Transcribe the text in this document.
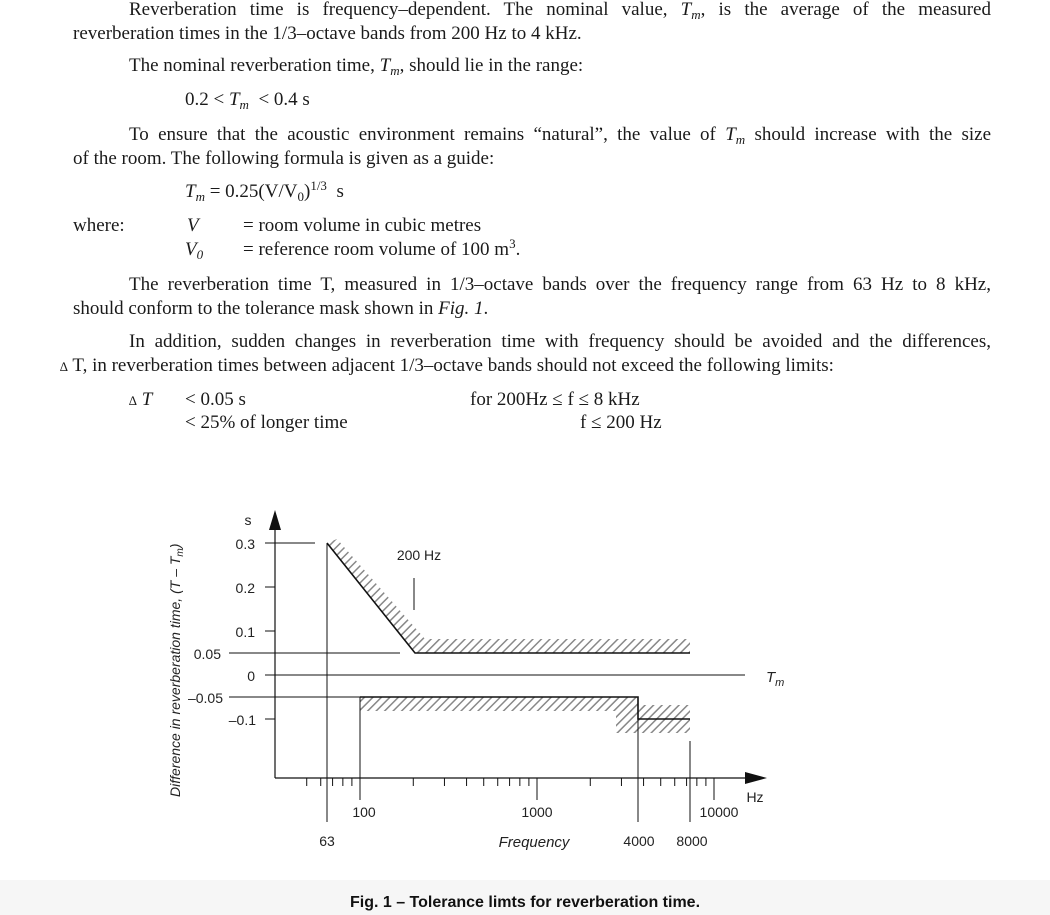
Reverberation time is frequency–dependent. The nominal value, $T_m$, is the average of the measured
reverberation times in the 1/3–octave bands from 200 Hz to 4 kHz.
The nominal reverberation time, $T_m$, should lie in the range:
$0.2 < T_m < 0.4$ s
To ensure that the acoustic environment remains “natural”, the value of $T_m$ should increase with the size
of the room. The following formula is given as a guide:
$T_m = 0.25(V/V_0)^{1/3}$ s
where:	V = room volume in cubic metres
$V_0$ = reference room volume of 100 $m^3$.
The reverberation time T, measured in 1/3–octave bands over the frequency range from 63 Hz to 8 kHz,
should conform to the tolerance mask shown in Fig. 1.
In addition, sudden changes in reverberation time with frequency should be avoided and the differences,
∆ T, in reverberation times between adjacent 1/3–octave bands should not exceed the following limits:
∆ T < 0.05 s	for 200Hz ≤ f ≤ 8 kHz
< 25% of longer time	f ≤ 200 Hz
0.3
0.2
0.1
0.05
0
–0.05
–0.1
s
Difference in reverberation time, $(T - T_m)$
100	1000	10000
63	4000 8000
Hz
Frequency
200 Hz
$T_m$
Fig. 1 – Tolerance limts for reverberation time.
